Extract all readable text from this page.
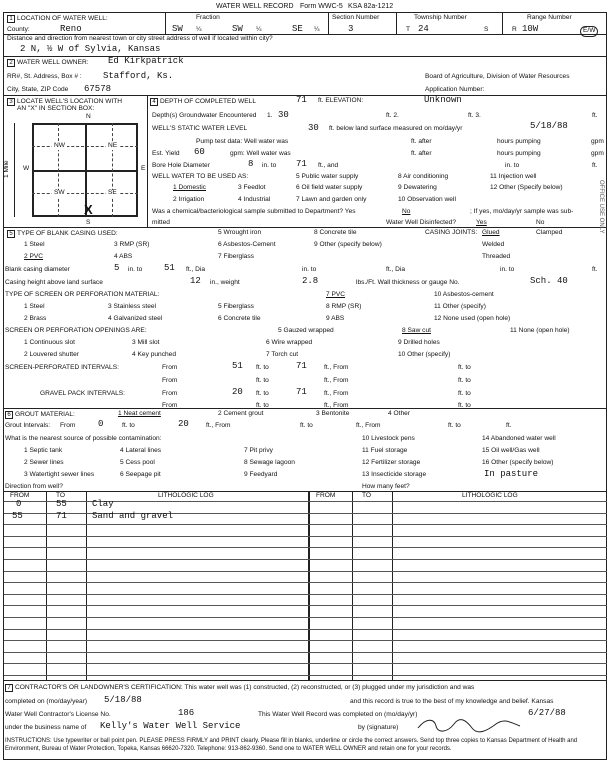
WATER WELL RECORD Form WWC-5 KSA 82a-1212
1 LOCATION OF WATER WELL:
County:	Reno
Fraction
SW ¼	SW ¼	SE ¼
Section Number
3
Township Number
T 24	S
Range Number
R 10W	E/W
Distance and direction from nearest town or city street address of well if located within city?
2 N, ½ W of Sylvia, Kansas
2 WATER WELL OWNER: Ed Kirkpatrick
RR#, St. Address, Box # : Stafford, Ks.	Board of Agriculture, Division of Water Resources
City, State, ZIP Code 67578	Application Number:
3 LOCATE WELL'S LOCATION WITH
AN "X" IN SECTION BOX:
N
S
W	E
NW	NE
SW	SE
X
1 Mile
4 DEPTH OF COMPLETED WELL	71 ft. ELEVATION:	Unknown
Depth(s) Groundwater Encountered 1. 30	ft. 2.	ft. 3.	ft.
WELL'S STATIC WATER LEVEL	30 ft. below land surface measured on mo/day/yr	5/18/88
Pump test data: Well water was	ft. after	hours pumping	gpm
Est. Yield 60	gpm: Well water was	ft. after	hours pumping	gpm
Bore Hole Diameter	8 in. to 71 ft., and	in. to	ft.
WELL WATER TO BE USED AS:
1 Domestic
2 Irrigation
3 Feedlot
4 Industrial
5 Public water supply
6 Oil field water supply
7 Lawn and garden only
8 Air conditioning
9 Dewatering
10 Observation well
11 Injection well
12 Other (Specify below)
Was a chemical/bacteriological sample submitted to Department? Yes	No	; If yes, mo/day/yr sample was sub-
mitted	Water Well Disinfected?	Yes	No
5 TYPE OF BLANK CASING USED:
1 Steel
2 PVC
3 RMP (SR)
4 ABS
5 Wrought iron
6 Asbestos-Cement
7 Fiberglass
8 Concrete tile
9 Other (specify below)
CASING JOINTS: Glued	Clamped
Welded
Threaded
Blank casing diameter	5 in. to 51 ft., Dia	in. to	ft., Dia	in. to	ft.
Casing height above land surface	12 in., weight	2.8	lbs./Ft. Wall thickness or gauge No.	Sch. 40
TYPE OF SCREEN OR PERFORATION MATERIAL:
1 Steel
2 Brass
3 Stainless steel
4 Galvanized steel
5 Fiberglass
6 Concrete tile
7 PVC
8 RMP (SR)
9 ABS
10 Asbestos-cement
11 Other (specify)
12 None used (open hole)
SCREEN OR PERFORATION OPENINGS ARE:
1 Continuous slot
2 Louvered shutter
3 Mill slot
4 Key punched
5 Gauzed wrapped
6 Wire wrapped
7 Torch cut
8 Saw cut
9 Drilled holes
10 Other (specify)
11 None (open hole)
SCREEN-PERFORATED INTERVALS:	From	51 ft. to	71	ft., From	ft. to
From	ft. to	ft., From	ft. to
GRAVEL PACK INTERVALS:	From	20 ft. to	71	ft., From	ft. to
From	ft. to	ft., From	ft. to
6 GROUT MATERIAL:	1 Neat cement	2 Cement grout	3 Bentonite	4 Other
Grout Intervals: From	0	ft. to	20	ft., From	ft. to	ft., From	ft. to	ft.
What is the nearest source of possible contamination:
1 Septic tank
2 Sewer lines
3 Watertight sewer lines
4 Lateral lines
5 Cess pool
6 Seepage pit
7 Pit privy
8 Sewage lagoon
9 Feedyard
10 Livestock pens
11 Fuel storage
12 Fertilizer storage
13 Insecticide storage
14 Abandoned water well
15 Oil well/Gas well
16 Other (specify below)
In pasture
Direction from well?	How many feet?
FROM	TO	LITHOLOGIC LOG	FROM	TO	LITHOLOGIC LOG
0	55	Clay
55	71	Sand and gravel
7 CONTRACTOR'S OR LANDOWNER'S CERTIFICATION: This water well was (1) constructed, (2) reconstructed, or (3) plugged under my jurisdiction and was
completed on (mo/day/year) 5/18/88	and this record is true to the best of my knowledge and belief. Kansas
Water Well Contractor's License No.	186	This Water Well Record was completed on (mo/day/yr)	6/27/88
under the business name of Kelly's Water Well Service	by (signature)
INSTRUCTIONS: Use typewriter or ball point pen. PLEASE PRESS FIRMLY and PRINT clearly. Please fill in blanks, underline or circle the correct answers. Send top three copies to Kansas Department of Health and Environment, Bureau of Water Protection, Topeka, Kansas 66620-7320. Telephone: 913-862-9360. Send one to WATER WELL OWNER and retain one for your records.
OFFICE USE ONLY
